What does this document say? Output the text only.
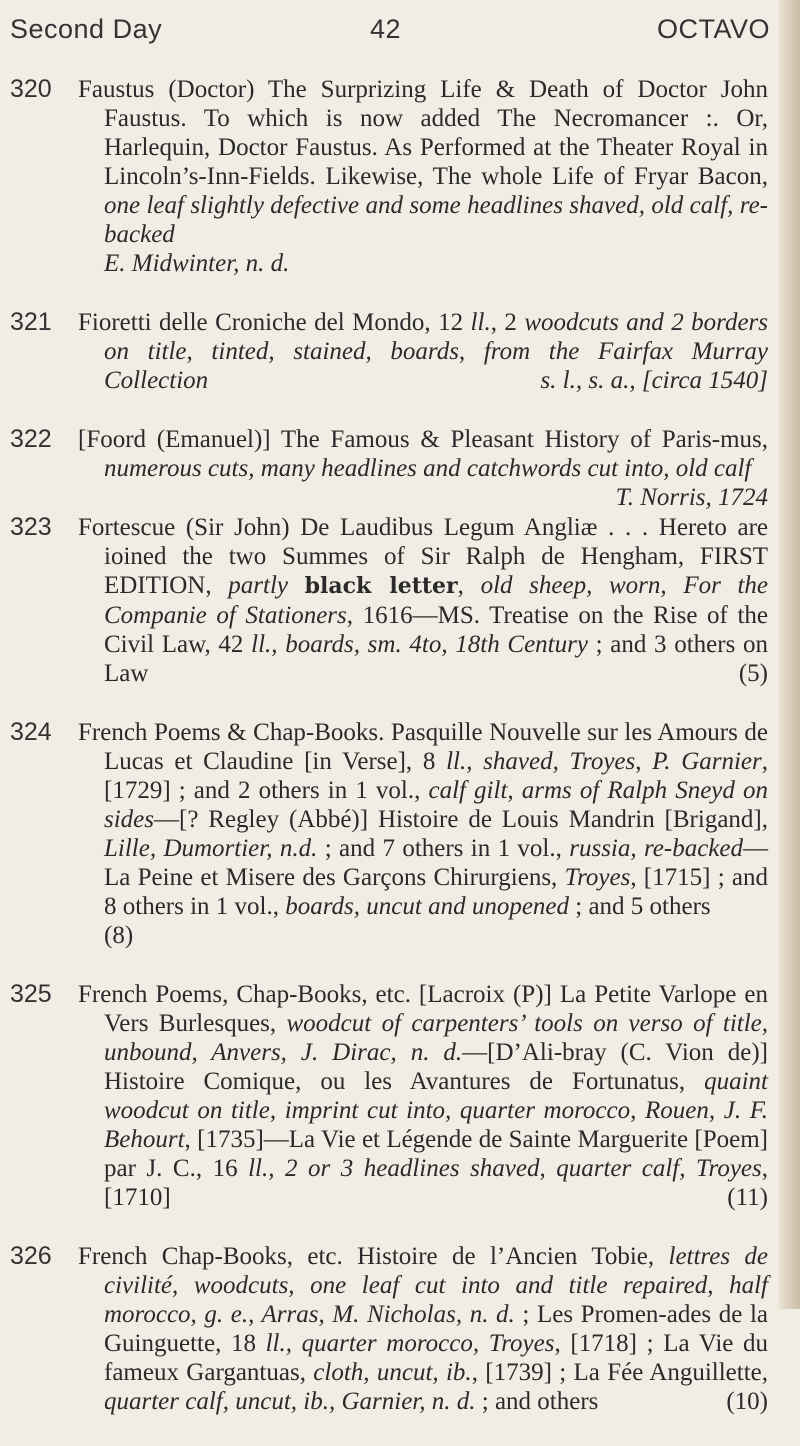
Second Day	42	OCTAVO
320 Faustus (Doctor) The Surprizing Life & Death of Doctor John Faustus. To which is now added The Necromancer :. Or, Harlequin, Doctor Faustus. As Performed at the Theater Royal in Lincoln’s-Inn-Fields. Likewise, The whole Life of Fryar Bacon, one leaf slightly defective and some headlines shaved, old calf, re-backed
E. Midwinter, n. d.
321 Fioretti delle Croniche del Mondo, 12 ll., 2 woodcuts and 2 borders on title, tinted, stained, boards, from the Fairfax Murray Collection	s. l., s. a., [circa 1540]
322 [Foord (Emanuel)] The Famous & Pleasant History of Paris-mus, numerous cuts, many headlines and catchwords cut into, old calf
T. Norris, 1724
323 Fortescue (Sir John) De Laudibus Legum Angliæ . . . Hereto are ioined the two Summes of Sir Ralph de Hengham, FIRST EDITION, partly black letter, old sheep, worn, For the Companie of Stationers, 1616—MS. Treatise on the Rise of the Civil Law, 42 ll., boards, sm. 4to, 18th Century ; and 3 others on Law	(5)
324 French Poems & Chap-Books. Pasquille Nouvelle sur les Amours de Lucas et Claudine [in Verse], 8 ll., shaved, Troyes, P. Garnier, [1729] ; and 2 others in 1 vol., calf gilt, arms of Ralph Sneyd on sides—[? Regley (Abbé)] Histoire de Louis Mandrin [Brigand], Lille, Dumortier, n.d. ; and 7 others in 1 vol., russia, re-backed—La Peine et Misere des Garçons Chirurgiens, Troyes, [1715] ; and 8 others in 1 vol., boards, uncut and unopened ; and 5 others
(8)
325 French Poems, Chap-Books, etc. [Lacroix (P)] La Petite Varlope en Vers Burlesques, woodcut of carpenters’ tools on verso of title, unbound, Anvers, J. Dirac, n. d.—[D’Ali-bray (C. Vion de)] Histoire Comique, ou les Avantures de Fortunatus, quaint woodcut on title, imprint cut into, quarter morocco, Rouen, J. F. Behourt, [1735]—La Vie et Légende de Sainte Marguerite [Poem] par J. C., 16 ll., 2 or 3 headlines shaved, quarter calf, Troyes, [1710]	(11)
326 French Chap-Books, etc. Histoire de l’Ancien Tobie, lettres de civilité, woodcuts, one leaf cut into and title repaired, half morocco, g. e., Arras, M. Nicholas, n. d. ; Les Promen-ades de la Guinguette, 18 ll., quarter morocco, Troyes, [1718] ; La Vie du fameux Gargantuas, cloth, uncut, ib., [1739] ; La Fée Anguillette, quarter calf, uncut, ib., Garnier, n. d. ; and others	(10)
